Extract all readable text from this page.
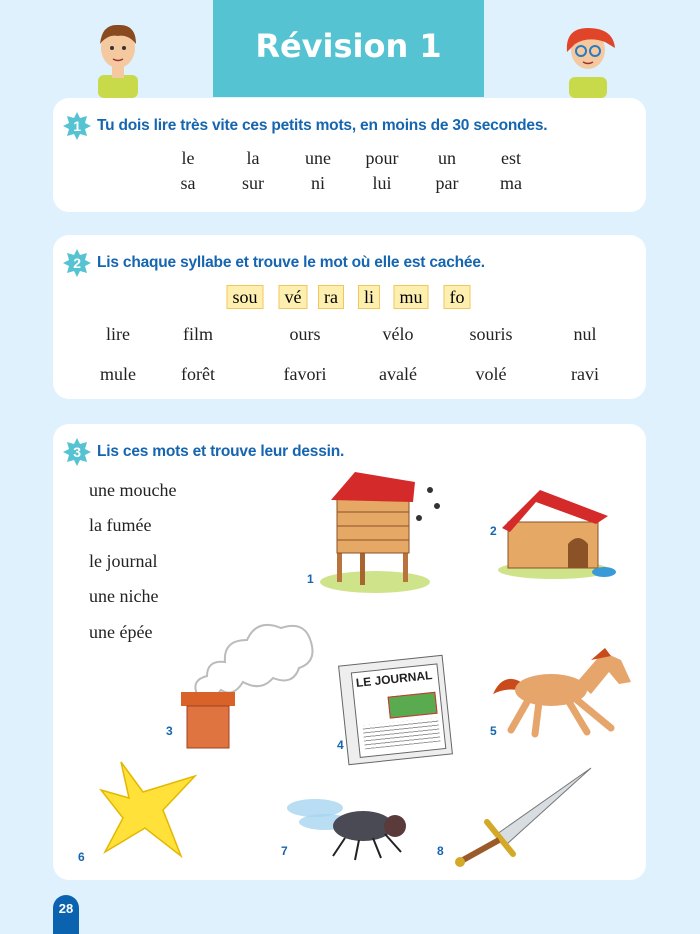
Révision 1
1 Tu dois lire très vite ces petits mots, en moins de 30 secondes.
le	la	une pour un	est
sa	sur	ni	lui par ma
2 Lis chaque syllabe et trouve le mot où elle est cachée.
sou	vé	ra	li	mu	fo
lire	film	ours	vélo	souris	nul
mule	forêt	favori	avalé	volé	ravi
3 Lis ces mots et trouve leur dessin.
une mouche
la fumée
le journal
une niche
une épée
1
2
3
LE JOURNAL
4
5
6	7	8
28
